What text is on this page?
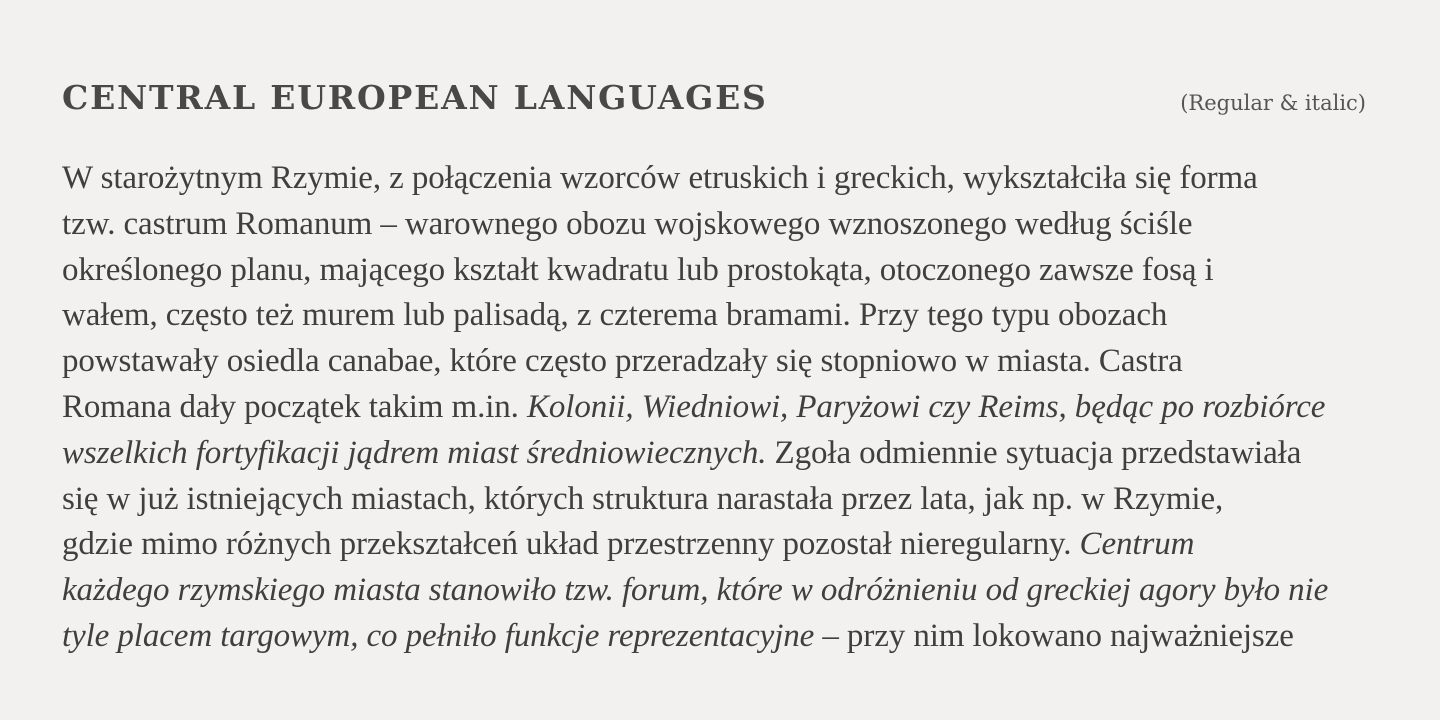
CENTRAL EUROPEAN LANGUAGES	(Regular & italic)
W starożytnym Rzymie, z połączenia wzorców etruskich i greckich, wykształciła się forma
tzw. castrum Romanum – warownego obozu wojskowego wznoszonego według ściśle
określonego planu, mającego kształt kwadratu lub prostokąta, otoczonego zawsze fosą i
wałem, często też murem lub palisadą, z czterema bramami. Przy tego typu obozach
powstawały osiedla canabae, które często przeradzały się stopniowo w miasta. Castra
Romana dały początek takim m.in. Kolonii, Wiedniowi, Paryżowi czy Reims, będąc po rozbiórce
wszelkich fortyfikacji jądrem miast średniowiecznych. Zgoła odmiennie sytuacja przedstawiała
się w już istniejących miastach, których struktura narastała przez lata, jak np. w Rzymie,
gdzie mimo różnych przekształceń układ przestrzenny pozostał nieregularny. Centrum
każdego rzymskiego miasta stanowiło tzw. forum, które w odróżnieniu od greckiej agory było nie
tyle placem targowym, co pełniło funkcje reprezentacyjne – przy nim lokowano najważniejsze
